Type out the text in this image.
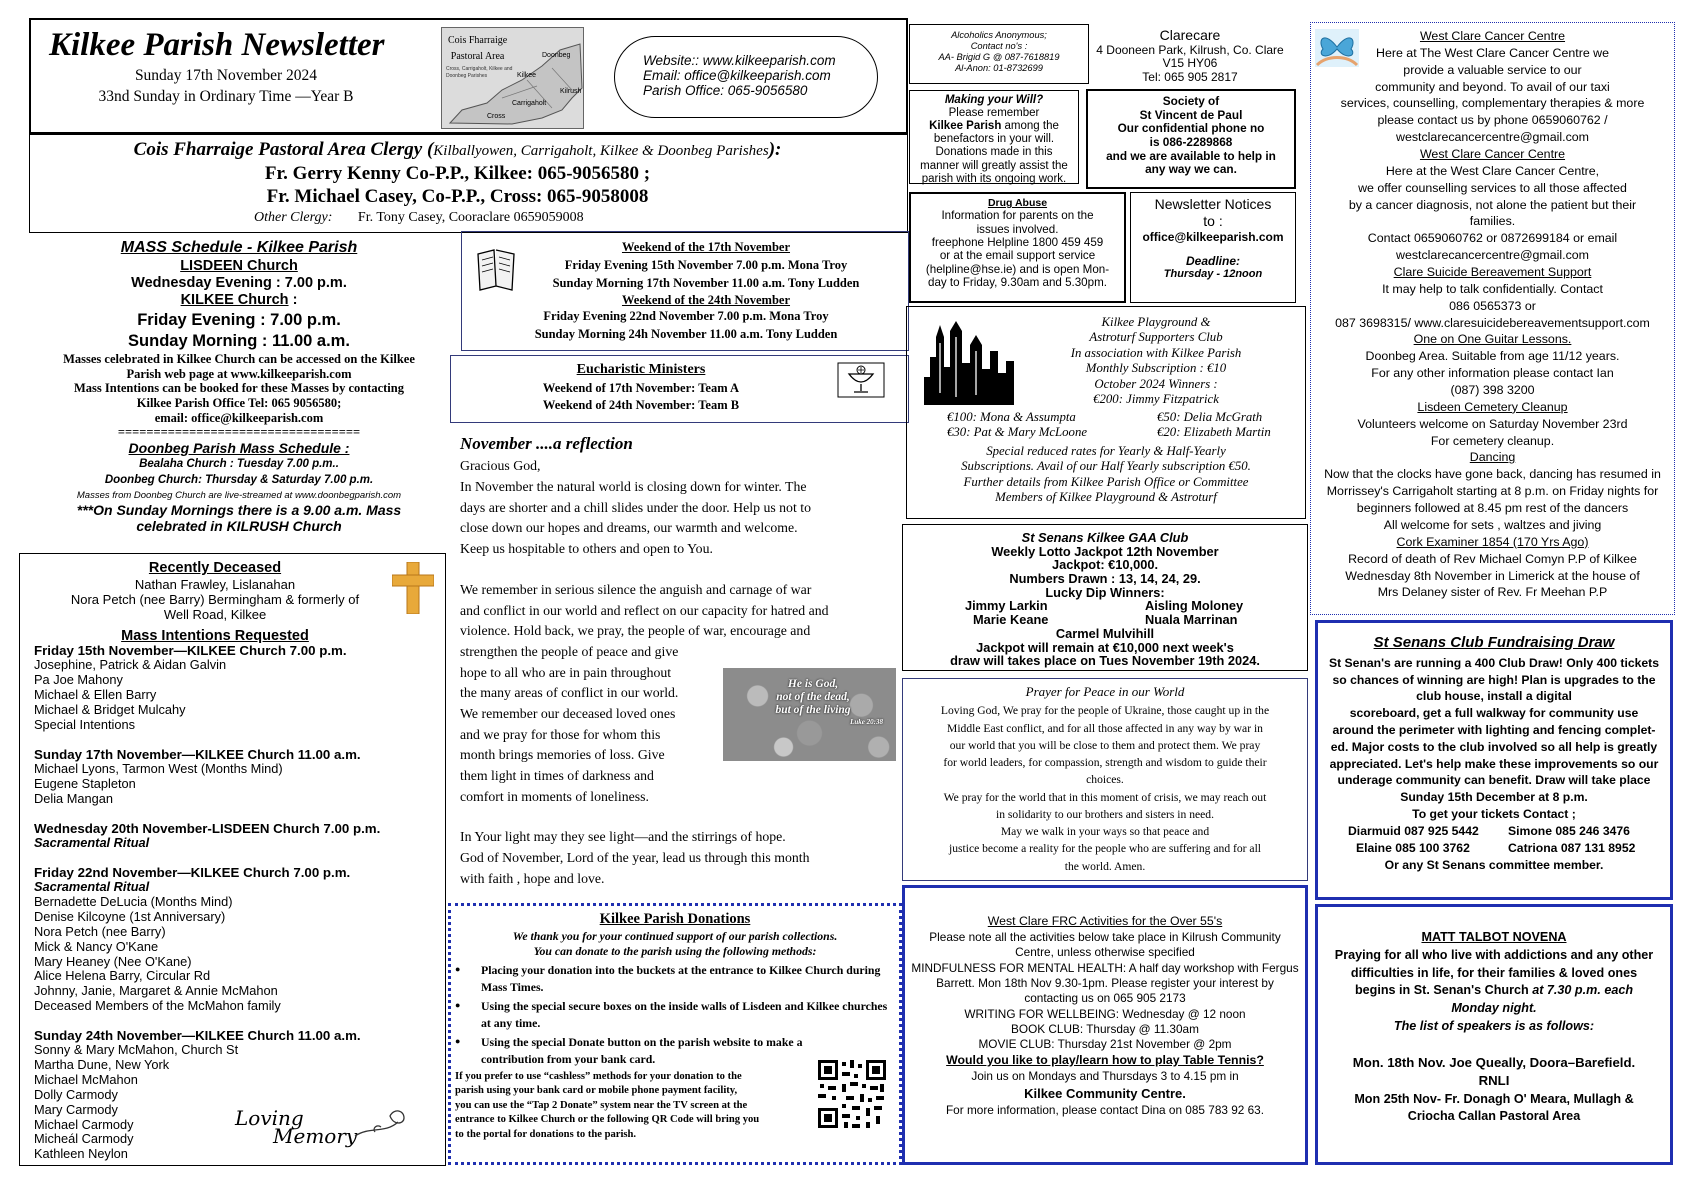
Kilkee Parish Newsletter
Sunday 17th November 2024
33nd Sunday in Ordinary Time —Year B
Cois Fharraige
Pastoral Area
Cross, Carrigaholt, Kilkee and Doonbeg Parishes
Doonbeg
Kilkee
Kilrush
Carrigaholt
Cross
Website:: www.kilkeeparish.com
Email: office@kilkeeparish.com
Parish Office: 065-9056580
Cois Fharraige Pastoral Area Clergy (Kilballyowen, Carrigaholt, Kilkee & Doonbeg Parishes):
Fr. Gerry Kenny Co-P.P., Kilkee: 065-9056580 ;
Fr. Michael Casey, Co-P.P., Cross: 065-9058008
Other Clergy: Fr. Tony Casey, Cooraclare 0659059008
MASS Schedule - Kilkee Parish
LISDEEN Church
Wednesday Evening : 7.00 p.m.
KILKEE Church :
Friday Evening : 7.00 p.m.
Sunday Morning : 11.00 a.m.
Masses celebrated in Kilkee Church can be accessed on the Kilkee
Parish web page at www.kilkeeparish.com
Mass Intentions can be booked for these Masses by contacting
Kilkee Parish Office Tel: 065 9056580;
email: office@kilkeeparish.com
==================================
Doonbeg Parish Mass Schedule :
Bealaha Church : Tuesday 7.00 p.m..
Doonbeg Church: Thursday & Saturday 7.00 p.m.
Masses from Doonbeg Church are live-streamed at www.doonbegparish.com
***On Sunday Mornings there is a 9.00 a.m. Mass
celebrated in KILRUSH Church
Recently Deceased
Nathan Frawley, Lislanahan
Nora Petch (nee Barry) Bermingham & formerly of
Well Road, Kilkee
Mass Intentions Requested
Friday 15th November—KILKEE Church 7.00 p.m.
Josephine, Patrick & Aidan Galvin
Pa Joe Mahony
Michael & Ellen Barry
Michael & Bridget Mulcahy
Special Intentions
Sunday 17th November—KILKEE Church 11.00 a.m.
Michael Lyons, Tarmon West (Months Mind)
Eugene Stapleton
Delia Mangan
Wednesday 20th November-LISDEEN Church 7.00 p.m.
Sacramental Ritual
Friday 22nd November—KILKEE Church 7.00 p.m.
Sacramental Ritual
Bernadette DeLucia (Months Mind)
Denise Kilcoyne (1st Anniversary)
Nora Petch (nee Barry)
Mick & Nancy O'Kane
Mary Heaney (Nee O'Kane)
Alice Helena Barry, Circular Rd
Johnny, Janie, Margaret & Annie McMahon
Deceased Members of the McMahon family
Sunday 24th November—KILKEE Church 11.00 a.m.
Sonny & Mary McMahon, Church St
Martha Dune, New York
Michael McMahon
Dolly Carmody
Mary Carmody
Michael Carmody
Micheál Carmody
Kathleen Neylon
Loving
Memory
Weekend of the 17th November
Friday Evening 15th November 7.00 p.m. Mona Troy
Sunday Morning 17th November 11.00 a.m. Tony Ludden
Weekend of the 24th November
Friday Evening 22nd November 7.00 p.m. Mona Troy
Sunday Morning 24h November 11.00 a.m. Tony Ludden
Eucharistic Ministers
Weekend of 17th November: Team A
Weekend of 24th November: Team B
November ....a reflection
Gracious God,
In November the natural world is closing down for winter. The
days are shorter and a chill slides under the door. Help us not to
close down our hopes and dreams, our warmth and welcome.
Keep us hospitable to others and open to You.
We remember in serious silence the anguish and carnage of war
and conflict in our world and reflect on our capacity for hatred and
violence. Hold back, we pray, the people of war, encourage and
strengthen the people of peace and give
hope to all who are in pain throughout
the many areas of conflict in our world.
We remember our deceased loved ones
and we pray for those for whom this
month brings memories of loss. Give
them light in times of darkness and
comfort in moments of loneliness.
In Your light may they see light—and the stirrings of hope.
God of November, Lord of the year, lead us through this month
with faith , hope and love.
He is God,
not of the dead,
but of the living
Luke 20:38
Kilkee Parish Donations
We thank you for your continued support of our parish collections.
You can donate to the parish using the following methods:
● Placing your donation into the buckets at the entrance to Kilkee Church during Mass Times.
● Using the special secure boxes on the inside walls of Lisdeen and Kilkee churches at any time.
● Using the special Donate button on the parish website to make a contribution from your bank card.
If you prefer to use “cashless” methods for your donation to the
parish using your bank card or mobile phone payment facility,
you can use the “Tap 2 Donate” system near the TV screen at the
entrance to Kilkee Church or the following QR Code will bring you
to the portal for donations to the parish.
Alcoholics Anonymous;
Contact no's :
AA- Brigid G @ 087-7618819
Al-Anon: 01-8732699
Clarecare
4 Dooneen Park, Kilrush, Co. Clare
V15 HY06
Tel: 065 905 2817
Making your Will?
Please remember
Kilkee Parish among the
benefactors in your will.
Donations made in this
manner will greatly assist the
parish with its ongoing work.
Society of
St Vincent de Paul
Our confidential phone no
is 086-2289868
and we are available to help in
any way we can.
Drug Abuse
Information for parents on the
issues involved.
freephone Helpline 1800 459 459
or at the email support service
(helpline@hse.ie) and is open Mon-
day to Friday, 9.30am and 5.30pm.
Newsletter Notices
to :
office@kilkeeparish.com
Deadline:
Thursday - 12noon
Kilkee Playground &
Astroturf Supporters Club
In association with Kilkee Parish
Monthly Subscription : €10
October 2024 Winners :
€200: Jimmy Fitzpatrick
€100: Mona & Assumpta	€50: Delia McGrath
€30: Pat & Mary McLoone	€20: Elizabeth Martin
Special reduced rates for Yearly & Half-Yearly
Subscriptions. Avail of our Half Yearly subscription €50.
Further details from Kilkee Parish Office or Committee
Members of Kilkee Playground & Astroturf
St Senans Kilkee GAA Club
Weekly Lotto Jackpot 12th November
Jackpot: €10,000.
Numbers Drawn : 13, 14, 24, 29.
Lucky Dip Winners:
Jimmy Larkin	Aisling Moloney
Marie Keane	Nuala Marrinan
Carmel Mulvihill
Jackpot will remain at €10,000 next week's
draw will takes place on Tues November 19th 2024.
Prayer for Peace in our World
Loving God, We pray for the people of Ukraine, those caught up in the
Middle East conflict, and for all those affected in any way by war in
our world that you will be close to them and protect them. We pray
for world leaders, for compassion, strength and wisdom to guide their
choices.
We pray for the world that in this moment of crisis, we may reach out
in solidarity to our brothers and sisters in need.
May we walk in your ways so that peace and
justice become a reality for the people who are suffering and for all
the world. Amen.
West Clare FRC Activities for the Over 55's
Please note all the activities below take place in Kilrush Community
Centre, unless otherwise specified
MINDFULNESS FOR MENTAL HEALTH: A half day workshop with Fergus
Barrett. Mon 18th Nov 9.30-1pm. Please register your interest by
contacting us on 065 905 2173
WRITING FOR WELLBEING: Wednesday @ 12 noon
BOOK CLUB: Thursday @ 11.30am
MOVIE CLUB: Thursday 21st November @ 2pm
Would you like to play/learn how to play Table Tennis?
Join us on Mondays and Thursdays 3 to 4.15 pm in
Kilkee Community Centre.
For more information, please contact Dina on 085 783 92 63.
West Clare Cancer Centre
Here at The West Clare Cancer Centre we
provide a valuable service to our
community and beyond. To avail of our taxi
services, counselling, complementary therapies & more
please contact us by phone 0659060762 /
westclarecancercentre@gmail.com
West Clare Cancer Centre
Here at the West Clare Cancer Centre,
we offer counselling services to all those affected
by a cancer diagnosis, not alone the patient but their
families.
Contact 0659060762 or 0872699184 or email
westclarecancercentre@gmail.com
Clare Suicide Bereavement Support
It may help to talk confidentially. Contact
086 0565373 or
087 3698315/ www.claresuicidebereavementsupport.com
One on One Guitar Lessons.
Doonbeg Area. Suitable from age 11/12 years.
For any other information please contact Ian
(087) 398 3200
Lisdeen Cemetery Cleanup
Volunteers welcome on Saturday November 23rd
For cemetery cleanup.
Dancing
Now that the clocks have gone back, dancing has resumed in
Morrissey's Carrigaholt starting at 8 p.m. on Friday nights for
beginners followed at 8.45 pm rest of the dancers
All welcome for sets , waltzes and jiving
Cork Examiner 1854 (170 Yrs Ago)
Record of death of Rev Michael Comyn P.P of Kilkee
Wednesday 8th November in Limerick at the house of
Mrs Delaney sister of Rev. Fr Meehan P.P
St Senans Club Fundraising Draw
St Senan's are running a 400 Club Draw! Only 400 tickets
so chances of winning are high! Plan is upgrades to the
club house, install a digital
scoreboard, get a full walkway for community use
around the perimeter with lighting and fencing complet-
ed. Major costs to the club involved so all help is greatly
appreciated. Let's help make these improvements so our
underage community can benefit. Draw will take place
Sunday 15th December at 8 p.m.
To get your tickets Contact ;
Diarmuid 087 925 5442 Simone 085 246 3476
Elaine 085 100 3762	Catriona 087 131 8952
Or any St Senans committee member.
MATT TALBOT NOVENA
Praying for all who live with addictions and any other
difficulties in life, for their families & loved ones
begins in St. Senan's Church at 7.30 p.m. each
Monday night.
The list of speakers is as follows:
Mon. 18th Nov. Joe Queally, Doora–Barefield.
RNLI
Mon 25th Nov- Fr. Donagh O' Meara, Mullagh &
Criocha Callan Pastoral Area
